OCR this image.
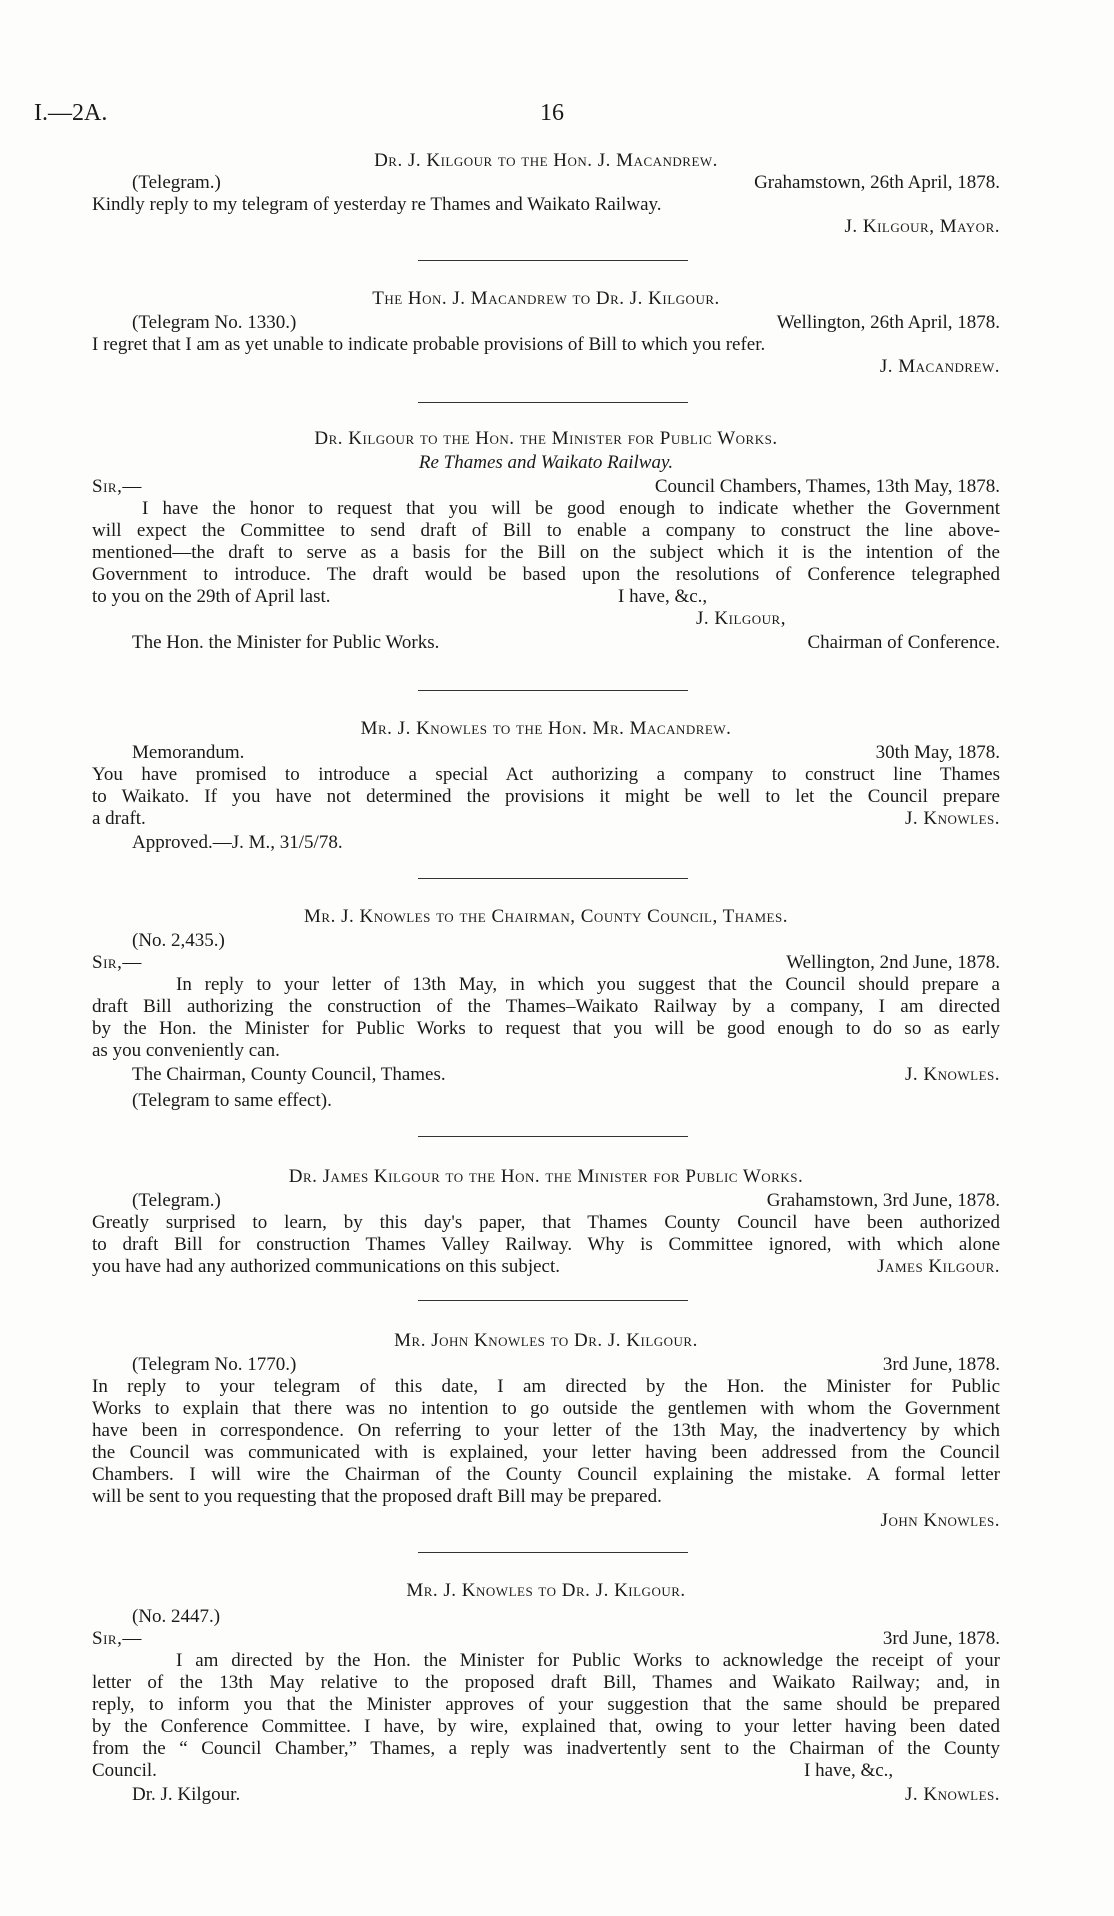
I.—2A.	16
Dr. J. Kilgour to the Hon. J. Macandrew.
(Telegram.)	Grahamstown, 26th April, 1878.
Kindly reply to my telegram of yesterday re Thames and Waikato Railway.
J. Kilgour, Mayor.
The Hon. J. Macandrew to Dr. J. Kilgour.
(Telegram No. 1330.)	Wellington, 26th April, 1878.
I regret that I am as yet unable to indicate probable provisions of Bill to which you refer.
J. Macandrew.
Dr. Kilgour to the Hon. the Minister for Public Works.
Re Thames and Waikato Railway.
Sir,—	Council Chambers, Thames, 13th May, 1878.
I have the honor to request that you will be good enough to indicate whether the Government
will expect the Committee to send draft of Bill to enable a company to construct the line above-
mentioned—the draft to serve as a basis for the Bill on the subject which it is the intention of the
Government to introduce. The draft would be based upon the resolutions of Conference telegraphed
to you on the 29th of April last.	I have, &c.,
J. Kilgour,
The Hon. the Minister for Public Works.	Chairman of Conference.
Mr. J. Knowles to the Hon. Mr. Macandrew.
Memorandum.	30th May, 1878.
You have promised to introduce a special Act authorizing a company to construct line Thames
to Waikato. If you have not determined the provisions it might be well to let the Council prepare
a draft.	J. Knowles.
Approved.—J. M., 31/5/78.
Mr. J. Knowles to the Chairman, County Council, Thames.
(No. 2,435.)
Sir,—	Wellington, 2nd June, 1878.
In reply to your letter of 13th May, in which you suggest that the Council should prepare a
draft Bill authorizing the construction of the Thames–Waikato Railway by a company, I am directed
by the Hon. the Minister for Public Works to request that you will be good enough to do so as early
as you conveniently can.
The Chairman, County Council, Thames.	J. Knowles.
(Telegram to same effect).
Dr. James Kilgour to the Hon. the Minister for Public Works.
(Telegram.)	Grahamstown, 3rd June, 1878.
Greatly surprised to learn, by this day's paper, that Thames County Council have been authorized
to draft Bill for construction Thames Valley Railway. Why is Committee ignored, with which alone
you have had any authorized communications on this subject.	James Kilgour.
Mr. John Knowles to Dr. J. Kilgour.
(Telegram No. 1770.)	3rd June, 1878.
In reply to your telegram of this date, I am directed by the Hon. the Minister for Public
Works to explain that there was no intention to go outside the gentlemen with whom the Government
have been in correspondence. On referring to your letter of the 13th May, the inadvertency by which
the Council was communicated with is explained, your letter having been addressed from the Council
Chambers. I will wire the Chairman of the County Council explaining the mistake. A formal letter
will be sent to you requesting that the proposed draft Bill may be prepared.
John Knowles.
Mr. J. Knowles to Dr. J. Kilgour.
(No. 2447.)
Sir,—	3rd June, 1878.
I am directed by the Hon. the Minister for Public Works to acknowledge the receipt of your
letter of the 13th May relative to the proposed draft Bill, Thames and Waikato Railway; and, in
reply, to inform you that the Minister approves of your suggestion that the same should be prepared
by the Conference Committee. I have, by wire, explained that, owing to your letter having been dated
from the “ Council Chamber,” Thames, a reply was inadvertently sent to the Chairman of the County
Council.	I have, &c.,
Dr. J. Kilgour.	J. Knowles.
